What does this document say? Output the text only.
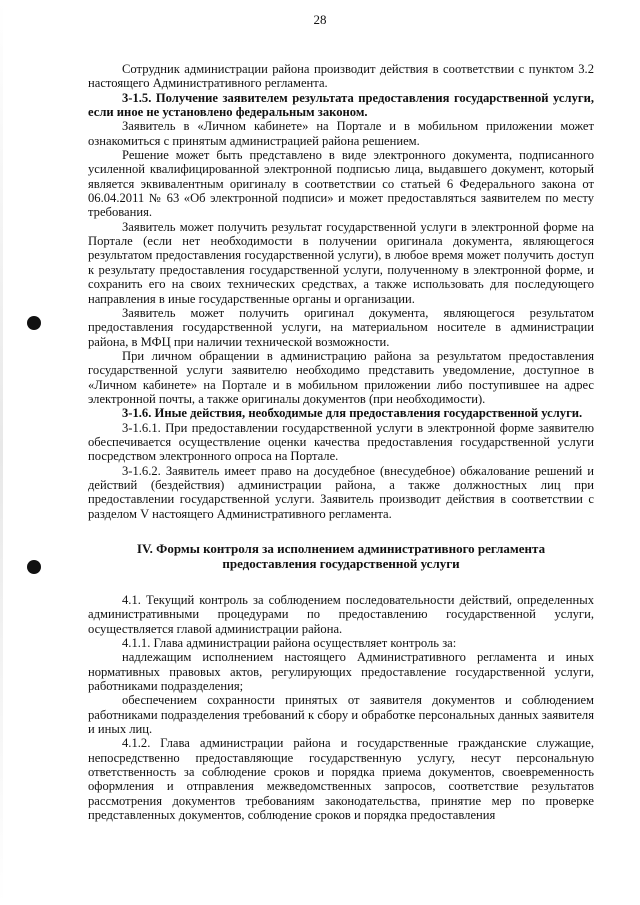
28

Сотрудник администрации района производит действия в соответствии с пунктом 3.2 настоящего Административного регламента.

3-1.5. Получение заявителем результата предоставления государственной услуги, если иное не установлено федеральным законом.

Заявитель в «Личном кабинете» на Портале и в мобильном приложении может ознакомиться с принятым администрацией района решением.

Решение может быть представлено в виде электронного документа, подписанного усиленной квалифицированной электронной подписью лица, выдавшего документ, который является эквивалентным оригиналу в соответствии со статьей 6 Федерального закона от 06.04.2011 № 63 «Об электронной подписи» и может предоставляться заявителем по месту требования.

Заявитель может получить результат государственной услуги в электронной форме на Портале (если нет необходимости в получении оригинала документа, являющегося результатом предоставления государственной услуги), в любое время может получить доступ к результату предоставления государственной услуги, полученному в электронной форме, и сохранить его на своих технических средствах, а также использовать для последующего направления в иные государственные органы и организации.

Заявитель может получить оригинал документа, являющегося результатом предоставления государственной услуги, на материальном носителе в администрации района, в МФЦ при наличии технической возможности.

При личном обращении в администрацию района за результатом предоставления государственной услуги заявителю необходимо представить уведомление, доступное в «Личном кабинете» на Портале и в мобильном приложении либо поступившее на адрес электронной почты, а также оригиналы документов (при необходимости).

3-1.6. Иные действия, необходимые для предоставления государственной услуги.

3-1.6.1. При предоставлении государственной услуги в электронной форме заявителю обеспечивается осуществление оценки качества предоставления государственной услуги посредством электронного опроса на Портале.

3-1.6.2. Заявитель имеет право на досудебное (внесудебное) обжалование решений и действий (бездействия) администрации района, а также должностных лиц при предоставлении государственной услуги. Заявитель производит действия в соответствии с разделом V настоящего Административного регламента.

IV. Формы контроля за исполнением административного регламента
предоставления государственной услуги

4.1. Текущий контроль за соблюдением последовательности действий, определенных административными процедурами по предоставлению государственной услуги, осуществляется главой администрации района.

4.1.1. Глава администрации района осуществляет контроль за:

надлежащим исполнением настоящего Административного регламента и иных нормативных правовых актов, регулирующих предоставление государственной услуги, работниками подразделения;

обеспечением сохранности принятых от заявителя документов и соблюдением работниками подразделения требований к сбору и обработке персональных данных заявителя и иных лиц.

4.1.2. Глава администрации района и государственные гражданские служащие, непосредственно предоставляющие государственную услугу, несут персональную ответственность за соблюдение сроков и порядка приема документов, своевременность оформления и отправления межведомственных запросов, соответствие результатов рассмотрения документов требованиям законодательства, принятие мер по проверке представленных документов, соблюдение сроков и порядка предоставления
